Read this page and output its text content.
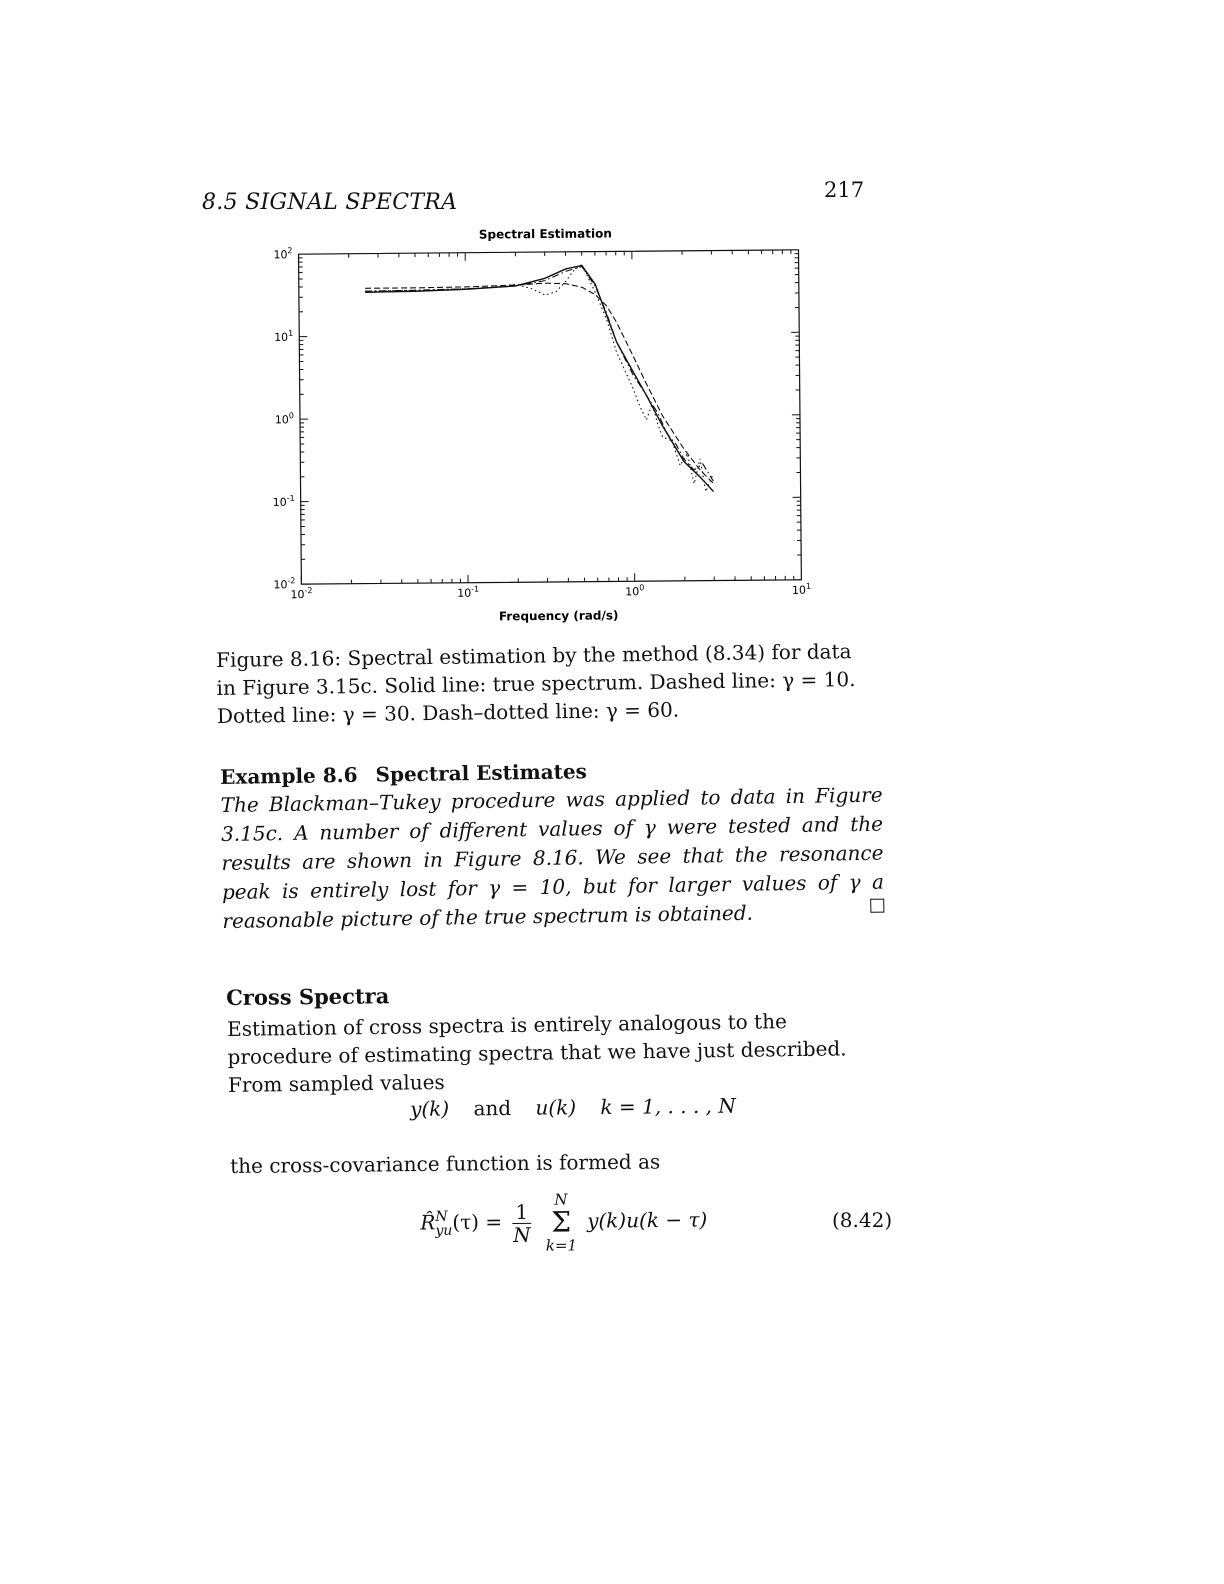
8.5 SIGNAL SPECTRA	217
Spectral Estimation
$10^{-2}$	$10^{-1}$	$10^0$	$10^1$
$10^{-2}$
$10^{-1}$
$10^0$
$10^1$
$10^2$
Frequency (rad/s)
Figure 8.16: Spectral estimation by the method (8.34) for data in Figure 3.15c. Solid line: true spectrum. Dashed line: γ = 10. Dotted line: γ = 30. Dash–dotted line: γ = 60.
Example 8.6 Spectral Estimates
The Blackman–Tukey procedure was applied to data in Figure 3.15c. A number of different values of γ were tested and the results are shown in Figure 8.16. We see that the resonance peak is entirely lost for γ = 10, but for larger values of γ a reasonable picture of the true spectrum is obtained.
Cross Spectra
Estimation of cross spectra is entirely analogous to the procedure of estimating spectra that we have just described. From sampled values
y(k) and u(k) k = 1, . . . , N
the cross-covariance function is formed as
R̂ N
yu $(\tau) = \frac{1}{N}$

N
Σ
k=1
y(k)u(k − τ)	(8.42)
